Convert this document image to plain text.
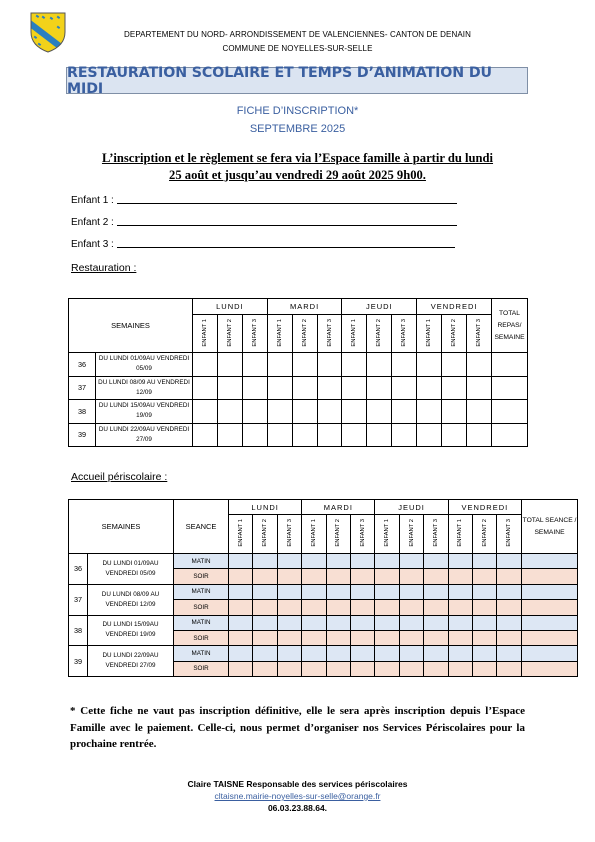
DEPARTEMENT DU NORD- ARRONDISSEMENT DE VALENCIENNES- CANTON DE DENAIN
COMMUNE DE NOYELLES-SUR-SELLE
RESTAURATION SCOLAIRE ET TEMPS D’ANIMATION DU MIDI
FICHE D’INSCRIPTION*
SEPTEMBRE 2025
L’inscription et le règlement se fera via l’Espace famille à partir du lundi
25 août et jusqu’au vendredi 29 août 2025 9h00.
Enfant 1 :
Enfant 2 :
Enfant 3 :
Restauration :
SEMAINES		LUNDI			MARDI			JEUDI			VENDREDI			TOTAL REPAS/ SEMAINE
		ENFANT 1	ENFANT 2	ENFANT 3	ENFANT 1	ENFANT 2	ENFANT 3	ENFANT 1	ENFANT 2	ENFANT 3	ENFANT 1	ENFANT 2	ENFANT 3	
36	DU LUNDI 01/09AU VENDREDI 05/09													
37	DU LUNDI 08/09 AU VENDREDI 12/09													
38	DU LUNDI 15/09AU VENDREDI 19/09													
39	DU LUNDI 22/09AU VENDREDI 27/09													
Accueil périscolaire :
SEMAINES		SEANCE	LUNDI			MARDI			JEUDI			VENDREDI			TOTAL SEANCE / SEMAINE
			ENFANT 1	ENFANT 2	ENFANT 3	ENFANT 1	ENFANT 2	ENFANT 3	ENFANT 1	ENFANT 2	ENFANT 3	ENFANT 1	ENFANT 2	ENFANT 3	
36	DU LUNDI 01/09AU VENDREDI 05/09	MATIN													
		SOIR													
37	DU LUNDI 08/09 AU VENDREDI 12/09	MATIN													
		SOIR													
38	DU LUNDI 15/09AU VENDREDI 19/09	MATIN													
		SOIR													
39	DU LUNDI 22/09AU VENDREDI 27/09	MATIN													
		SOIR													
* Cette fiche ne vaut pas inscription définitive, elle le sera après inscription depuis l’Espace Famille avec le paiement. Celle-ci, nous permet d’organiser nos Services Périscolaires pour la prochaine rentrée.
Claire TAISNE Responsable des services périscolaires
cltaisne.mairie-noyelles-sur-selle@orange.fr
06.03.23.88.64.
